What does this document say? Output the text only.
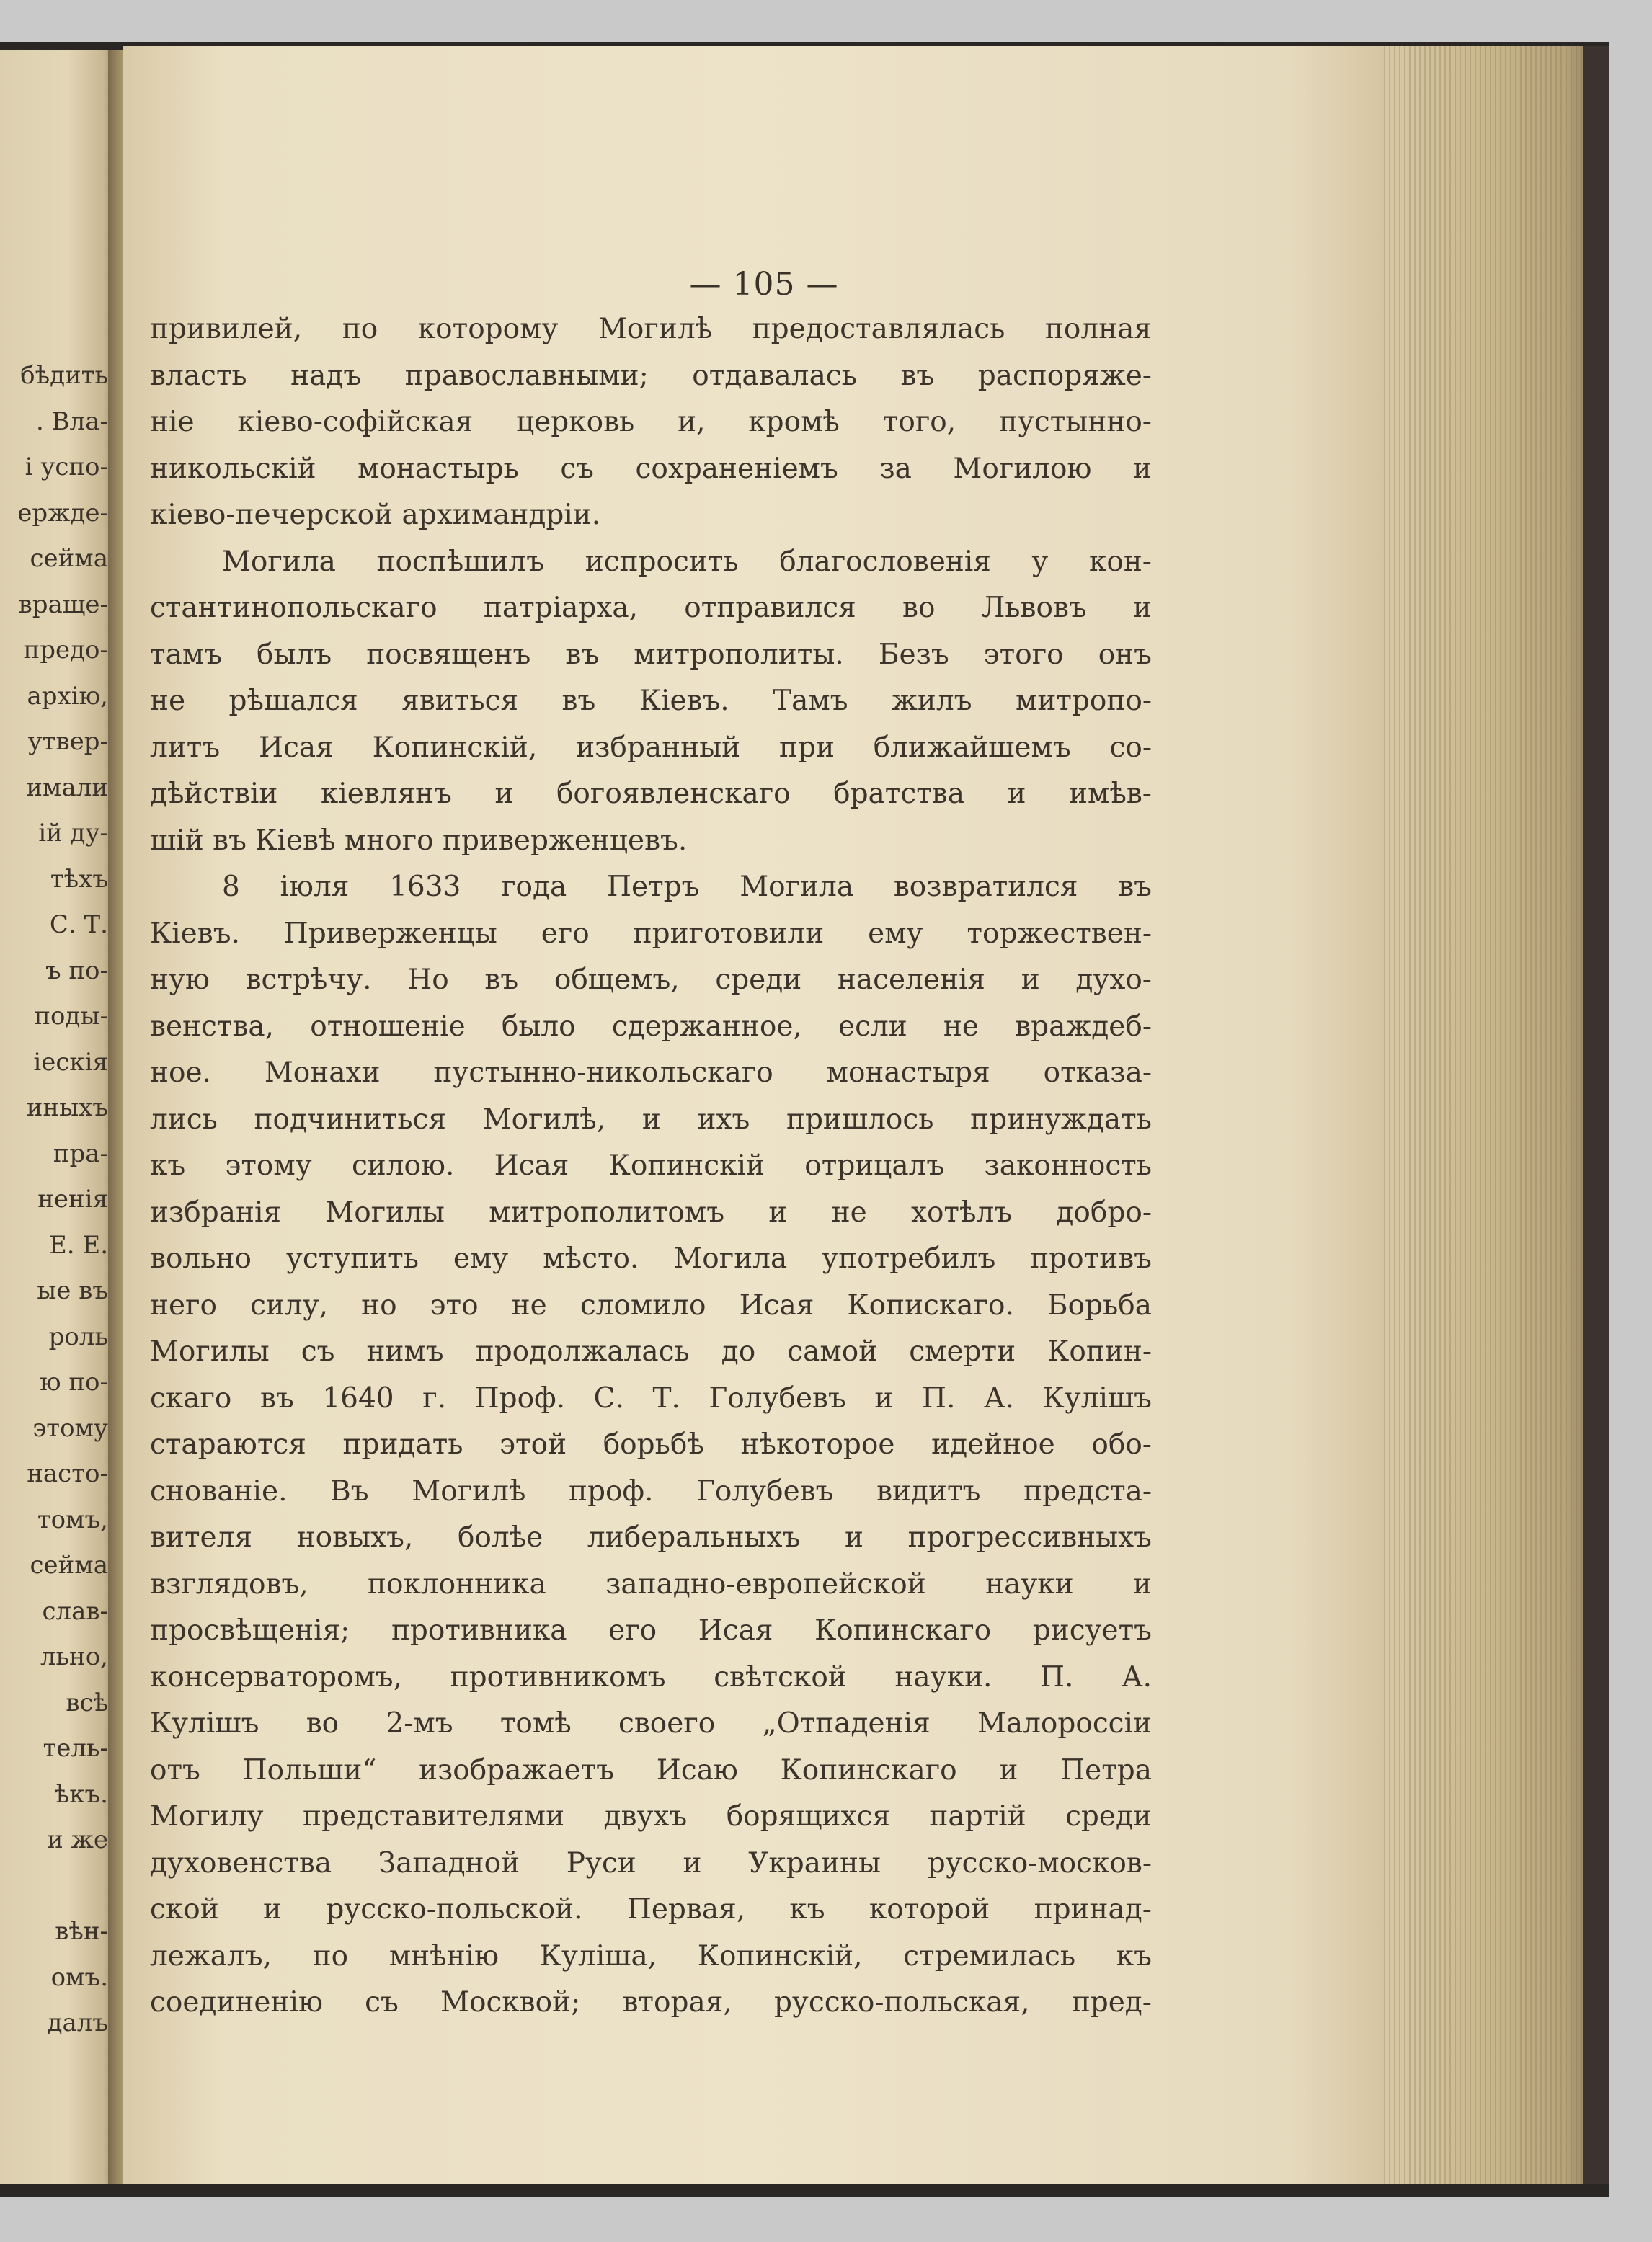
бѣдить
. Вла-
і успо-
ержде-
сейма
враще-
предо-
архію,
утвер-
имали
ій ду-
тѣхъ
С. Т.
ъ по-
поды-
іескія
иныхъ
пра-
ненія
Е. Е.
ые въ
роль
ю по-
этому
насто-
томъ,
сейма
слав-
льно,
всѣ
тель-
ѣкъ.
и же
вѣн-
омъ.
далъ
— 105 —
привилей, по которому Могилѣ предоставлялась полная
власть надъ православными; отдавалась въ распоряже-
ніе кіево-софійская церковь и, кромѣ того, пустынно-
никольскій монастырь съ сохраненіемъ за Могилою и
кіево-печерской архимандріи.
Могила поспѣшилъ испросить благословенія у кон-
стантинопольскаго патріарха, отправился во Львовъ и
тамъ былъ посвященъ въ митрополиты. Безъ этого онъ
не рѣшался явиться въ Кіевъ. Тамъ жилъ митропо-
литъ Исая Копинскій, избранный при ближайшемъ со-
дѣйствіи кіевлянъ и богоявленскаго братства и имѣв-
шій въ Кіевѣ много приверженцевъ.
8 іюля 1633 года Петръ Могила возвратился въ
Кіевъ. Приверженцы его приготовили ему торжествен-
ную встрѣчу. Но въ общемъ, среди населенія и духо-
венства, отношеніе было сдержанное, если не враждеб-
ное. Монахи пустынно-никольскаго монастыря отказа-
лись подчиниться Могилѣ, и ихъ пришлось принуждать
къ этому силою. Исая Копинскій отрицалъ законность
избранія Могилы митрополитомъ и не хотѣлъ добро-
вольно уступить ему мѣсто. Могила употребилъ противъ
него силу, но это не сломило Исая Копискаго. Борьба
Могилы съ нимъ продолжалась до самой смерти Копин-
скаго въ 1640 г. Проф. С. Т. Голубевъ и П. А. Кулішъ
стараются придать этой борьбѣ нѣкоторое идейное обо-
снованіе. Въ Могилѣ проф. Голубевъ видитъ предста-
вителя новыхъ, болѣе либеральныхъ и прогрессивныхъ
взглядовъ, поклонника западно-европейской науки и
просвѣщенія; противника его Исая Копинскаго рисуетъ
консерваторомъ, противникомъ свѣтской науки. П. А.
Кулішъ во 2-мъ томѣ своего „Отпаденія Малороссіи
отъ Польши“ изображаетъ Исаю Копинскаго и Петра
Могилу представителями двухъ борящихся партій среди
духовенства Западной Руси и Украины русско-москов-
ской и русско-польской. Первая, къ которой принад-
лежалъ, по мнѣнію Куліша, Копинскій, стремилась къ
соединенію съ Москвой; вторая, русско-польская, пред-
